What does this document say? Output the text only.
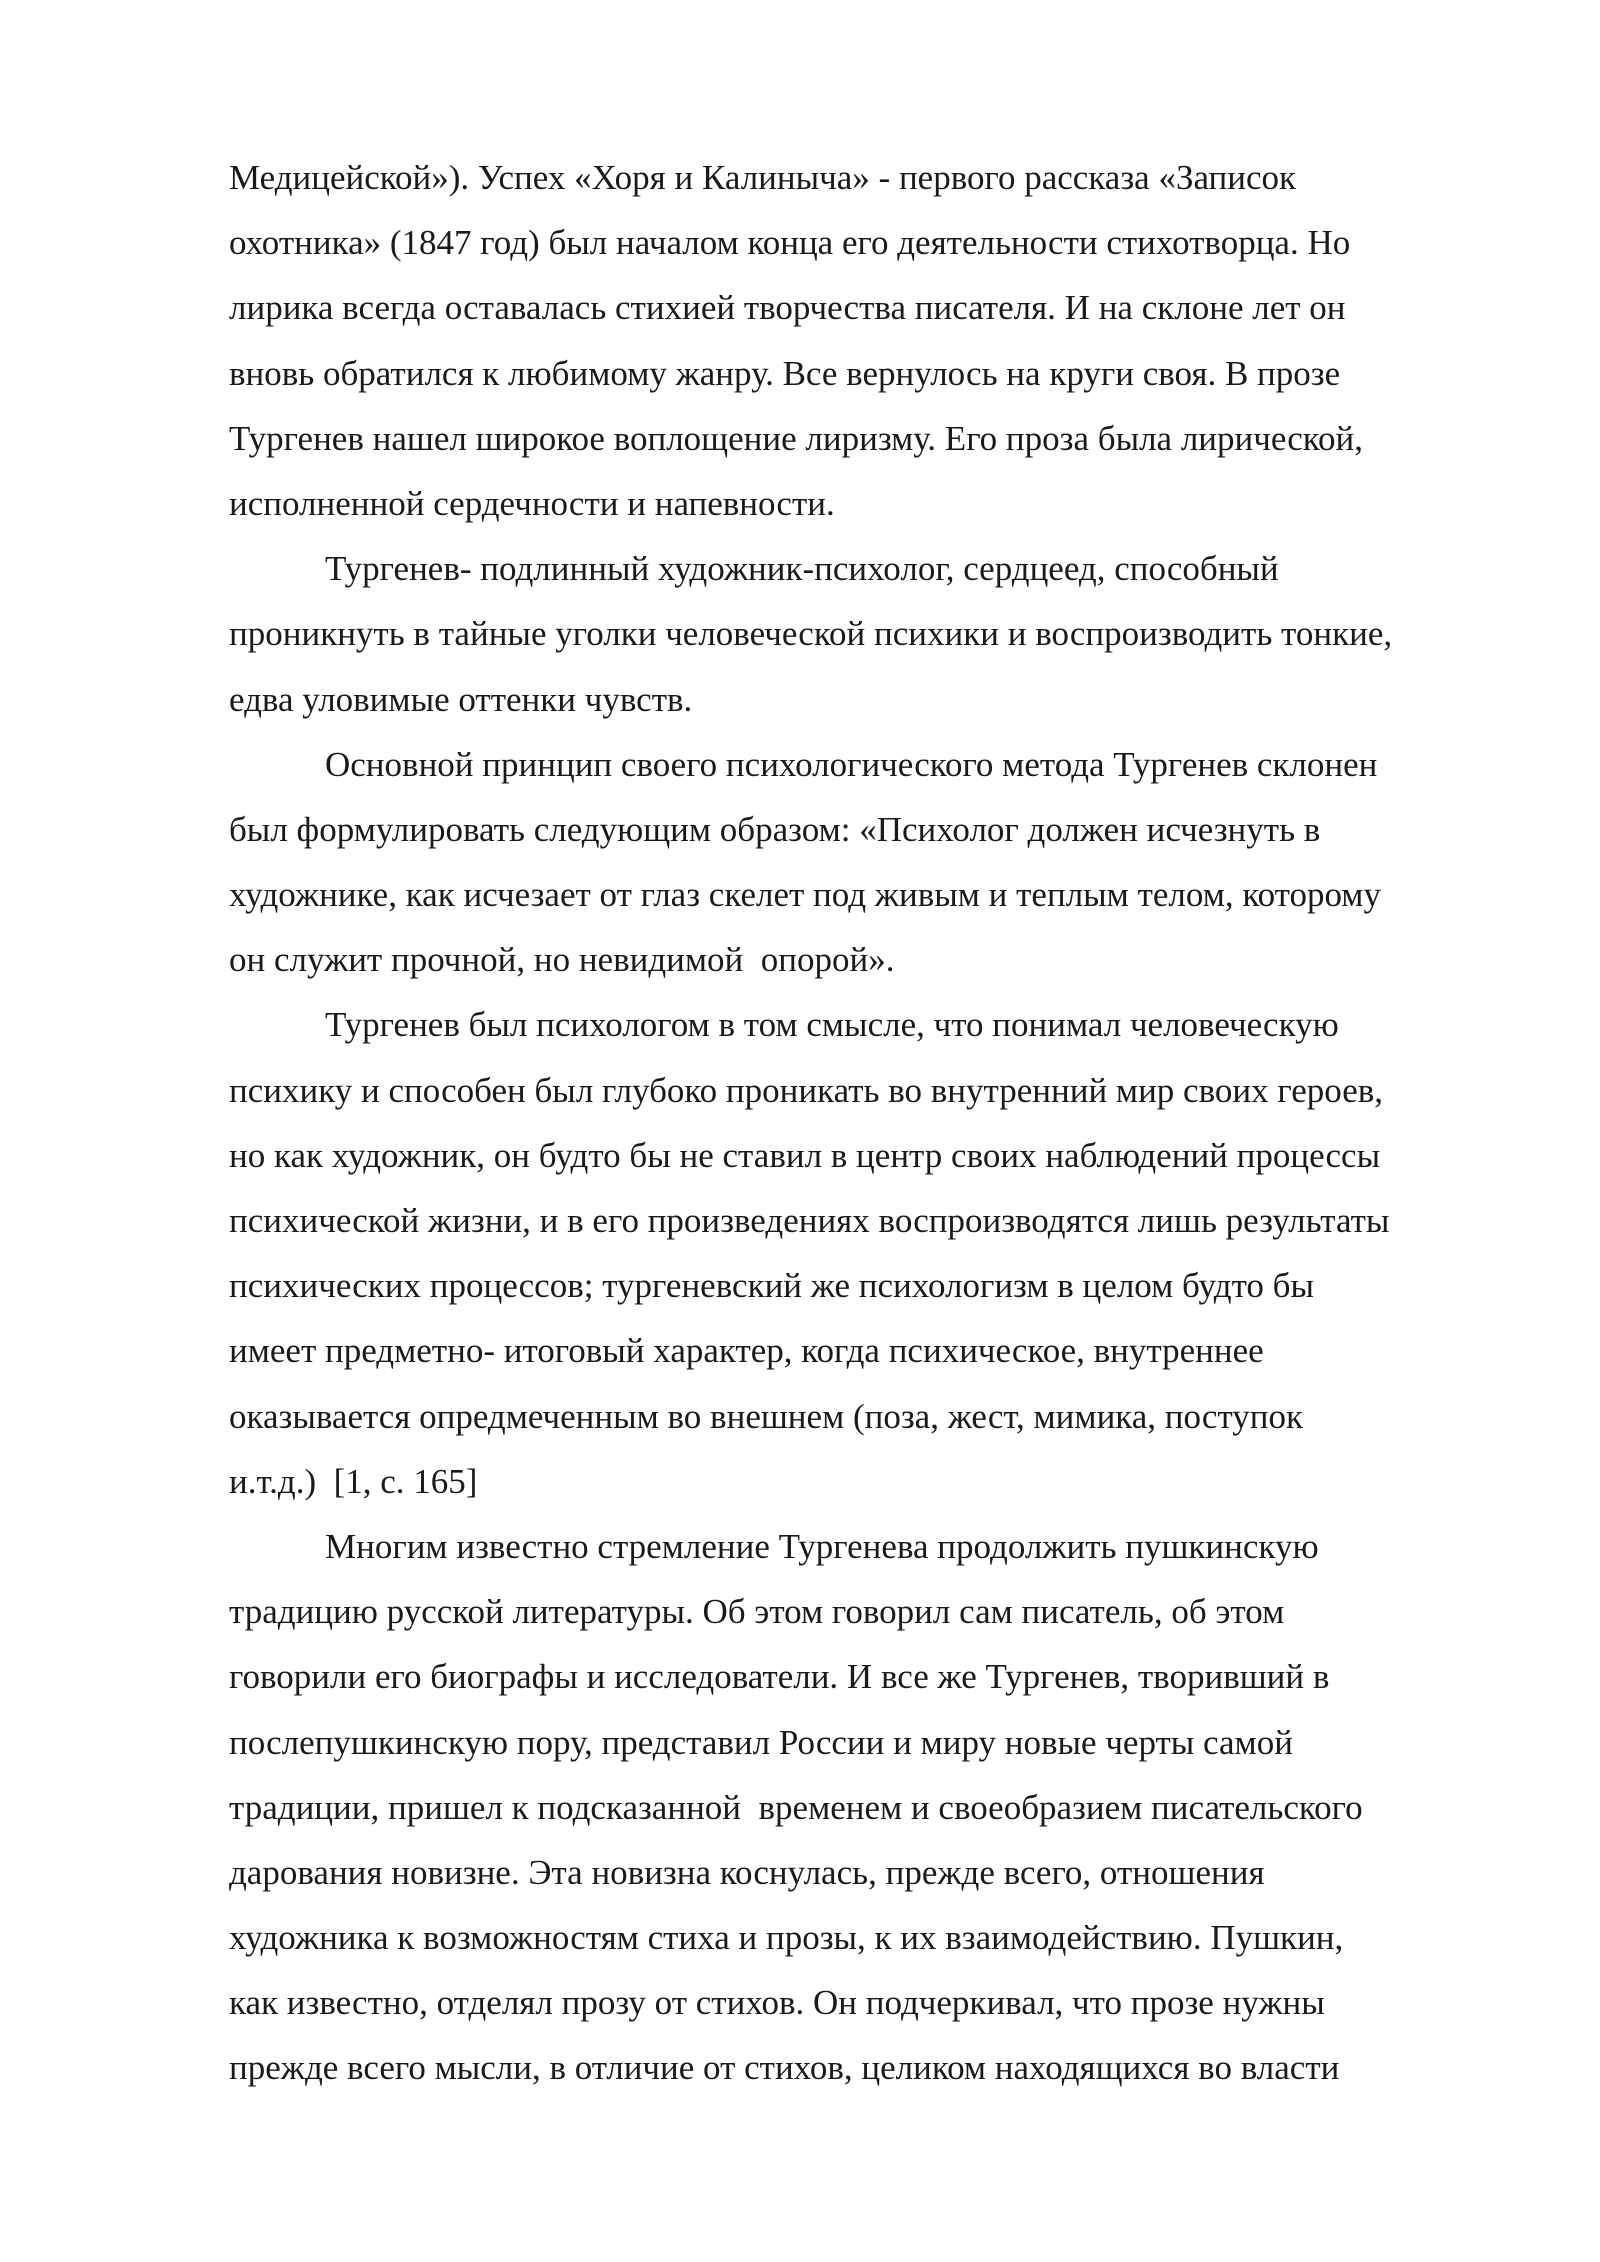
Медицейской»). Успех «Хоря и Калиныча» - первого рассказа «Записок
охотника» (1847 год) был началом конца его деятельности стихотворца. Но
лирика всегда оставалась стихией творчества писателя. И на склоне лет он
вновь обратился к любимому жанру. Все вернулось на круги своя. В прозе
Тургенев нашел широкое воплощение лиризму. Его проза была лирической,
исполненной сердечности и напевности.
Тургенев- подлинный художник-психолог, сердцеед, способный
проникнуть в тайные уголки человеческой психики и воспроизводить тонкие,
едва уловимые оттенки чувств.
Основной принцип своего психологического метода Тургенев склонен
был формулировать следующим образом: «Психолог должен исчезнуть в
художнике, как исчезает от глаз скелет под живым и теплым телом, которому
он служит прочной, но невидимой  опорой».
Тургенев был психологом в том смысле, что понимал человеческую
психику и способен был глубоко проникать во внутренний мир своих героев,
но как художник, он будто бы не ставил в центр своих наблюдений процессы
психической жизни, и в его произведениях воспроизводятся лишь результаты
психических процессов; тургеневский же психологизм в целом будто бы
имеет предметно- итоговый характер, когда психическое, внутреннее
оказывается опредмеченным во внешнем (поза, жест, мимика, поступок
и.т.д.)  [1, с. 165]
Многим известно стремление Тургенева продолжить пушкинскую
традицию русской литературы. Об этом говорил сам писатель, об этом
говорили его биографы и исследователи. И все же Тургенев, творивший в
послепушкинскую пору, представил России и миру новые черты самой
традиции, пришел к подсказанной  временем и своеобразием писательского
дарования новизне. Эта новизна коснулась, прежде всего, отношения
художника к возможностям стиха и прозы, к их взаимодействию. Пушкин,
как известно, отделял прозу от стихов. Он подчеркивал, что прозе нужны
прежде всего мысли, в отличие от стихов, целиком находящихся во власти
